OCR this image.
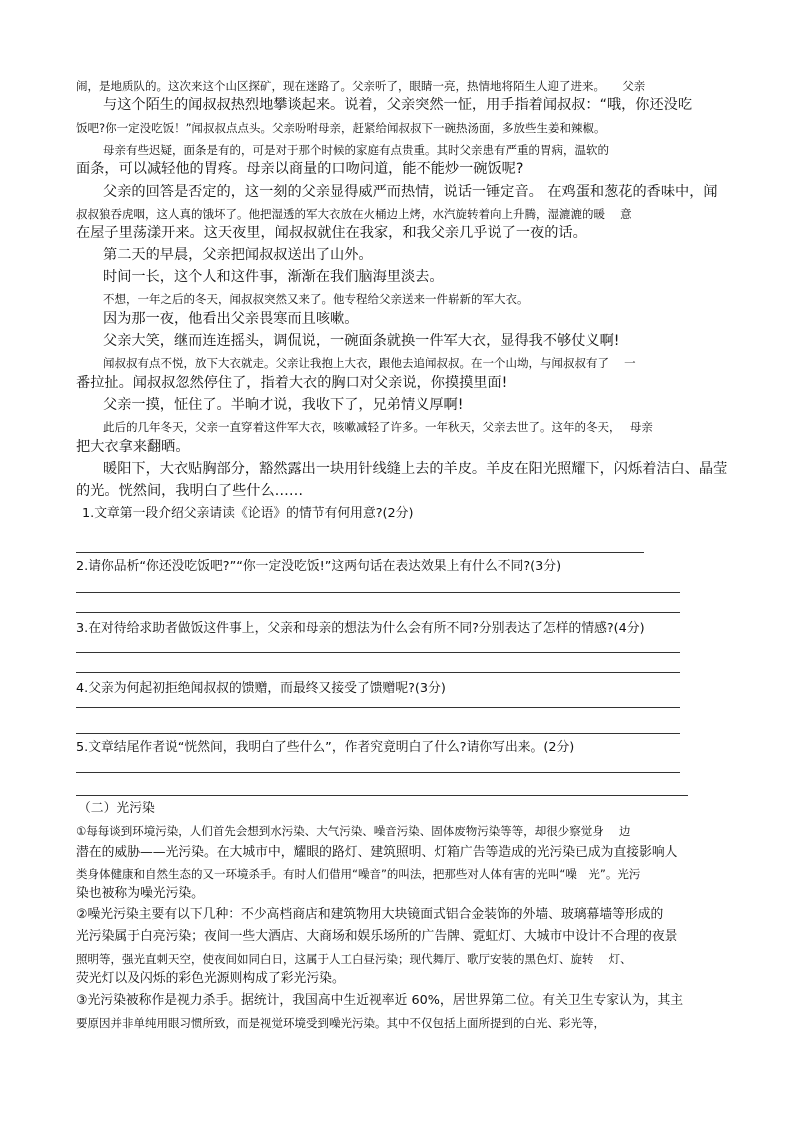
闹，是地质队的。这次来这个山区探矿，现在迷路了。父亲听了，眼睛一亮，热情地将陌生人迎了进来。　　父亲
与这个陌生的闻叔叔热烈地攀谈起来。说着，父亲突然一怔，用手指着闻叔叔：“哦，你还没吃
饭吧?你一定没吃饭！”闻叔叔点点头。父亲吩咐母亲，赶紧给闻叔叔下一碗热汤面，多放些生姜和辣椒。
母亲有些迟疑，面条是有的，可是对于那个时候的家庭有点贵重。其时父亲患有严重的胃病，温软的
面条，可以减轻他的胃疼。母亲以商量的口吻问道，能不能炒一碗饭呢?
父亲的回答是否定的，这一刻的父亲显得威严而热情，说话一锤定音。 在鸡蛋和葱花的香味中，闻
叔叔狼吞虎咽，这人真的饿坏了。他把湿透的军大衣放在火桶边上烤，水汽旋转着向上升腾，湿漉漉的暖　 意
在屋子里荡漾开来。这天夜里，闻叔叔就住在我家，和我父亲几乎说了一夜的话。
第二天的早晨，父亲把闻叔叔送出了山外。
时间一长，这个人和这件事，渐渐在我们脑海里淡去。
不想，一年之后的冬天，闻叔叔突然又来了。他专程给父亲送来一件崭新的军大衣。
因为那一夜，他看出父亲畏寒而且咳嗽。
父亲大笑，继而连连摇头，调侃说，一碗面条就换一件军大衣，显得我不够仗义啊!
闻叔叔有点不悦，放下大衣就走。父亲让我抱上大衣，跟他去追闻叔叔。在一个山坳，与闻叔叔有了　 一
番拉扯。闻叔叔忽然停住了，指着大衣的胸口对父亲说，你摸摸里面!
父亲一摸，怔住了。半晌才说，我收下了，兄弟情义厚啊!
此后的几年冬天，父亲一直穿着这件军大衣，咳嗽减轻了许多。一年秋天，父亲去世了。这年的冬天，　 母亲
把大衣拿来翻晒。
暖阳下，大衣贴胸部分，豁然露出一块用针线缝上去的羊皮。羊皮在阳光照耀下，闪烁着洁白、晶莹
的光。恍然间，我明白了些什么……
1.文章第一段介绍父亲请读《论语》的情节有何用意?(2分)
2.请你品析“你还没吃饭吧?”“你一定没吃饭!”这两句话在表达效果上有什么不同?(3分)
3.在对待给求助者做饭这件事上，父亲和母亲的想法为什么会有所不同?分别表达了怎样的情感?(4分)
4.父亲为何起初拒绝闻叔叔的馈赠，而最终又接受了馈赠呢?(3分)
5.文章结尾作者说“恍然间，我明白了些什么”，作者究竟明白了什么?请你写出来。(2分)
（二）光污染
①每每谈到环境污染，人们首先会想到水污染、大气污染、噪音污染、固体废物污染等等，却很少察觉身　 边
潜在的威胁——光污染。在大城市中，耀眼的路灯、建筑照明、灯箱广告等造成的光污染已成为直接影响人
类身体健康和自然生态的又一环境杀手。有时人们借用“噪音”的叫法，把那些对人体有害的光叫“噪　光”。光污
染也被称为噪光污染。
②噪光污染主要有以下几种：不少高档商店和建筑物用大块镜面式铝合金装饰的外墙、玻璃幕墙等形成的
光污染属于白亮污染；夜间一些大酒店、大商场和娱乐场所的广告牌、霓虹灯、大城市中设计不合理的夜景
照明等，强光直刺天空，使夜间如同白日，这属于人工白昼污染；现代舞厅、歌厅安装的黑色灯、旋转　 灯、
荧光灯以及闪烁的彩色光源则构成了彩光污染。
③光污染被称作是视力杀手。据统计，我国高中生近视率近 60%，居世界第二位。有关卫生专家认为，其主
要原因并非单纯用眼习惯所致，而是视觉环境受到噪光污染。其中不仅包括上面所提到的白光、彩光等，
